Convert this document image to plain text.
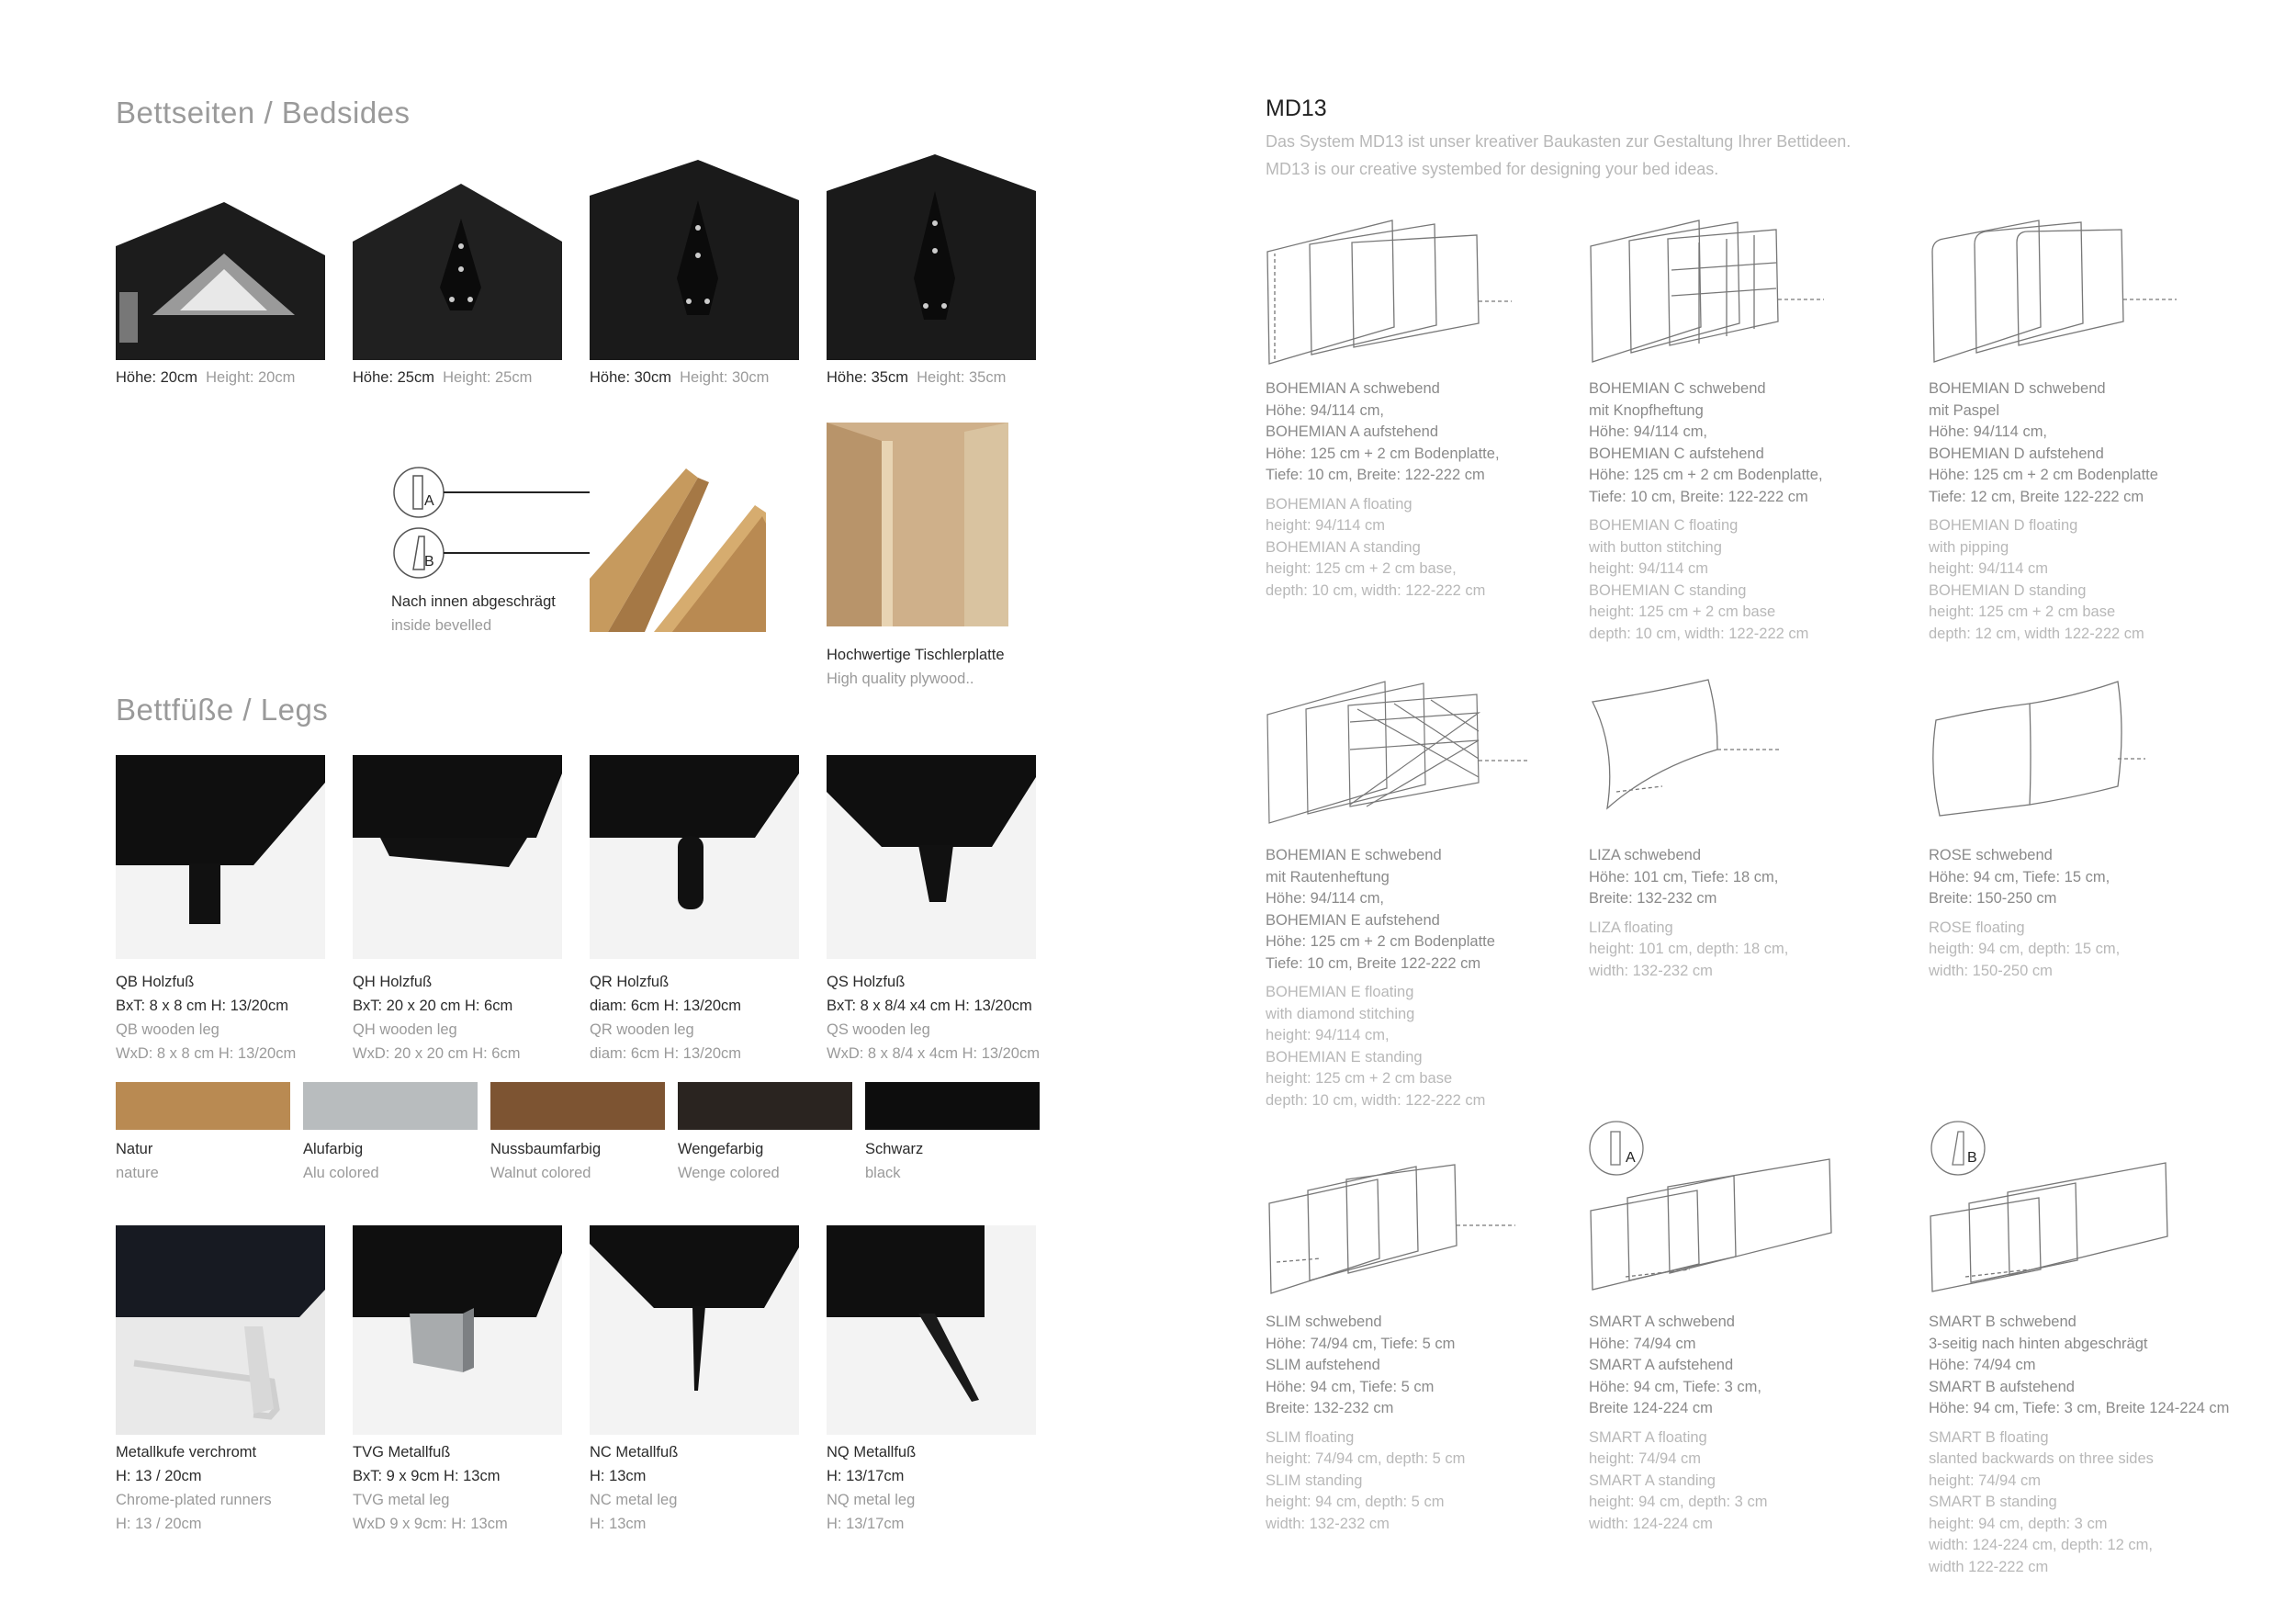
Bettseiten / Bedsides
Höhe: 20cm Height: 20cm	Höhe: 25cm Height: 25cm	Höhe: 30cm Height: 30cm	Höhe: 35cm Height: 35cm
A
B
Nach innen abgeschrägt
inside bevelled
Hochwertige Tischlerplatte
High quality plywood..
Bettfüße / Legs
QB Holzfuß
BxT: 8 x 8 cm H: 13/20cm
QB wooden leg
WxD: 8 x 8 cm H: 13/20cm
QH Holzfuß
BxT: 20 x 20 cm H: 6cm
QH wooden leg
WxD: 20 x 20 cm H: 6cm
QR Holzfuß
diam: 6cm H: 13/20cm
QR wooden leg
diam: 6cm H: 13/20cm
QS Holzfuß
BxT: 8 x 8/4 x4 cm H: 13/20cm
QS wooden leg
WxD: 8 x 8/4 x 4cm H: 13/20cm
Natur
nature
Alufarbig
Alu colored
Nussbaumfarbig
Walnut colored
Wengefarbig
Wenge colored
Schwarz
black
Metallkufe verchromt
H: 13 / 20cm
Chrome-plated runners
H: 13 / 20cm
TVG Metallfuß
BxT: 9 x 9cm H: 13cm
TVG metal leg
WxD 9 x 9cm: H: 13cm
NC Metallfuß
H: 13cm
NC metal leg
H: 13cm
NQ Metallfuß
H: 13/17cm
NQ metal leg
H: 13/17cm
MD13
Das System MD13 ist unser kreativer Baukasten zur Gestaltung Ihrer Bettideen.
MD13 is our creative systembed for designing your bed ideas.
BOHEMIAN A schwebend
Höhe: 94/114 cm,
BOHEMIAN A aufstehend
Höhe: 125 cm + 2 cm Bodenplatte,
Tiefe: 10 cm, Breite: 122-222 cm
BOHEMIAN A floating
height: 94/114 cm
BOHEMIAN A standing
height: 125 cm + 2 cm base,
depth: 10 cm, width: 122-222 cm
BOHEMIAN C schwebend
mit Knopfheftung
Höhe: 94/114 cm,
BOHEMIAN C aufstehend
Höhe: 125 cm + 2 cm Bodenplatte,
Tiefe: 10 cm, Breite: 122-222 cm
BOHEMIAN C floating
with button stitching
height: 94/114 cm
BOHEMIAN C standing
height: 125 cm + 2 cm base
depth: 10 cm, width: 122-222 cm
BOHEMIAN D schwebend
mit Paspel
Höhe: 94/114 cm,
BOHEMIAN D aufstehend
Höhe: 125 cm + 2 cm Bodenplatte
Tiefe: 12 cm, Breite 122-222 cm
BOHEMIAN D floating
with pipping
height: 94/114 cm
BOHEMIAN D standing
height: 125 cm + 2 cm base
depth: 12 cm, width 122-222 cm
BOHEMIAN E schwebend
mit Rautenheftung
Höhe: 94/114 cm,
BOHEMIAN E aufstehend
Höhe: 125 cm + 2 cm Bodenplatte
Tiefe: 10 cm, Breite 122-222 cm
BOHEMIAN E floating
with diamond stitching
height: 94/114 cm,
BOHEMIAN E standing
height: 125 cm + 2 cm base
depth: 10 cm, width: 122-222 cm
LIZA schwebend
Höhe: 101 cm, Tiefe: 18 cm,
Breite: 132-232 cm
LIZA floating
height: 101 cm, depth: 18 cm,
width: 132-232 cm
ROSE schwebend
Höhe: 94 cm, Tiefe: 15 cm,
Breite: 150-250 cm
ROSE floating
heigth: 94 cm, depth: 15 cm,
width: 150-250 cm
A	B
SLIM schwebend
Höhe: 74/94 cm, Tiefe: 5 cm
SLIM aufstehend
Höhe: 94 cm, Tiefe: 5 cm
Breite: 132-232 cm
SLIM floating
height: 74/94 cm, depth: 5 cm
SLIM standing
height: 94 cm, depth: 5 cm
width: 132-232 cm
SMART A schwebend
Höhe: 74/94 cm
SMART A aufstehend
Höhe: 94 cm, Tiefe: 3 cm,
Breite 124-224 cm
SMART A floating
height: 74/94 cm
SMART A standing
height: 94 cm, depth: 3 cm
width: 124-224 cm
SMART B schwebend
3-seitig nach hinten abgeschrägt
Höhe: 74/94 cm
SMART B aufstehend
Höhe: 94 cm, Tiefe: 3 cm, Breite 124-224 cm
SMART B floating
slanted backwards on three sides
height: 74/94 cm
SMART B standing
height: 94 cm, depth: 3 cm
width: 124-224 cm, depth: 12 cm,
width 122-222 cm
